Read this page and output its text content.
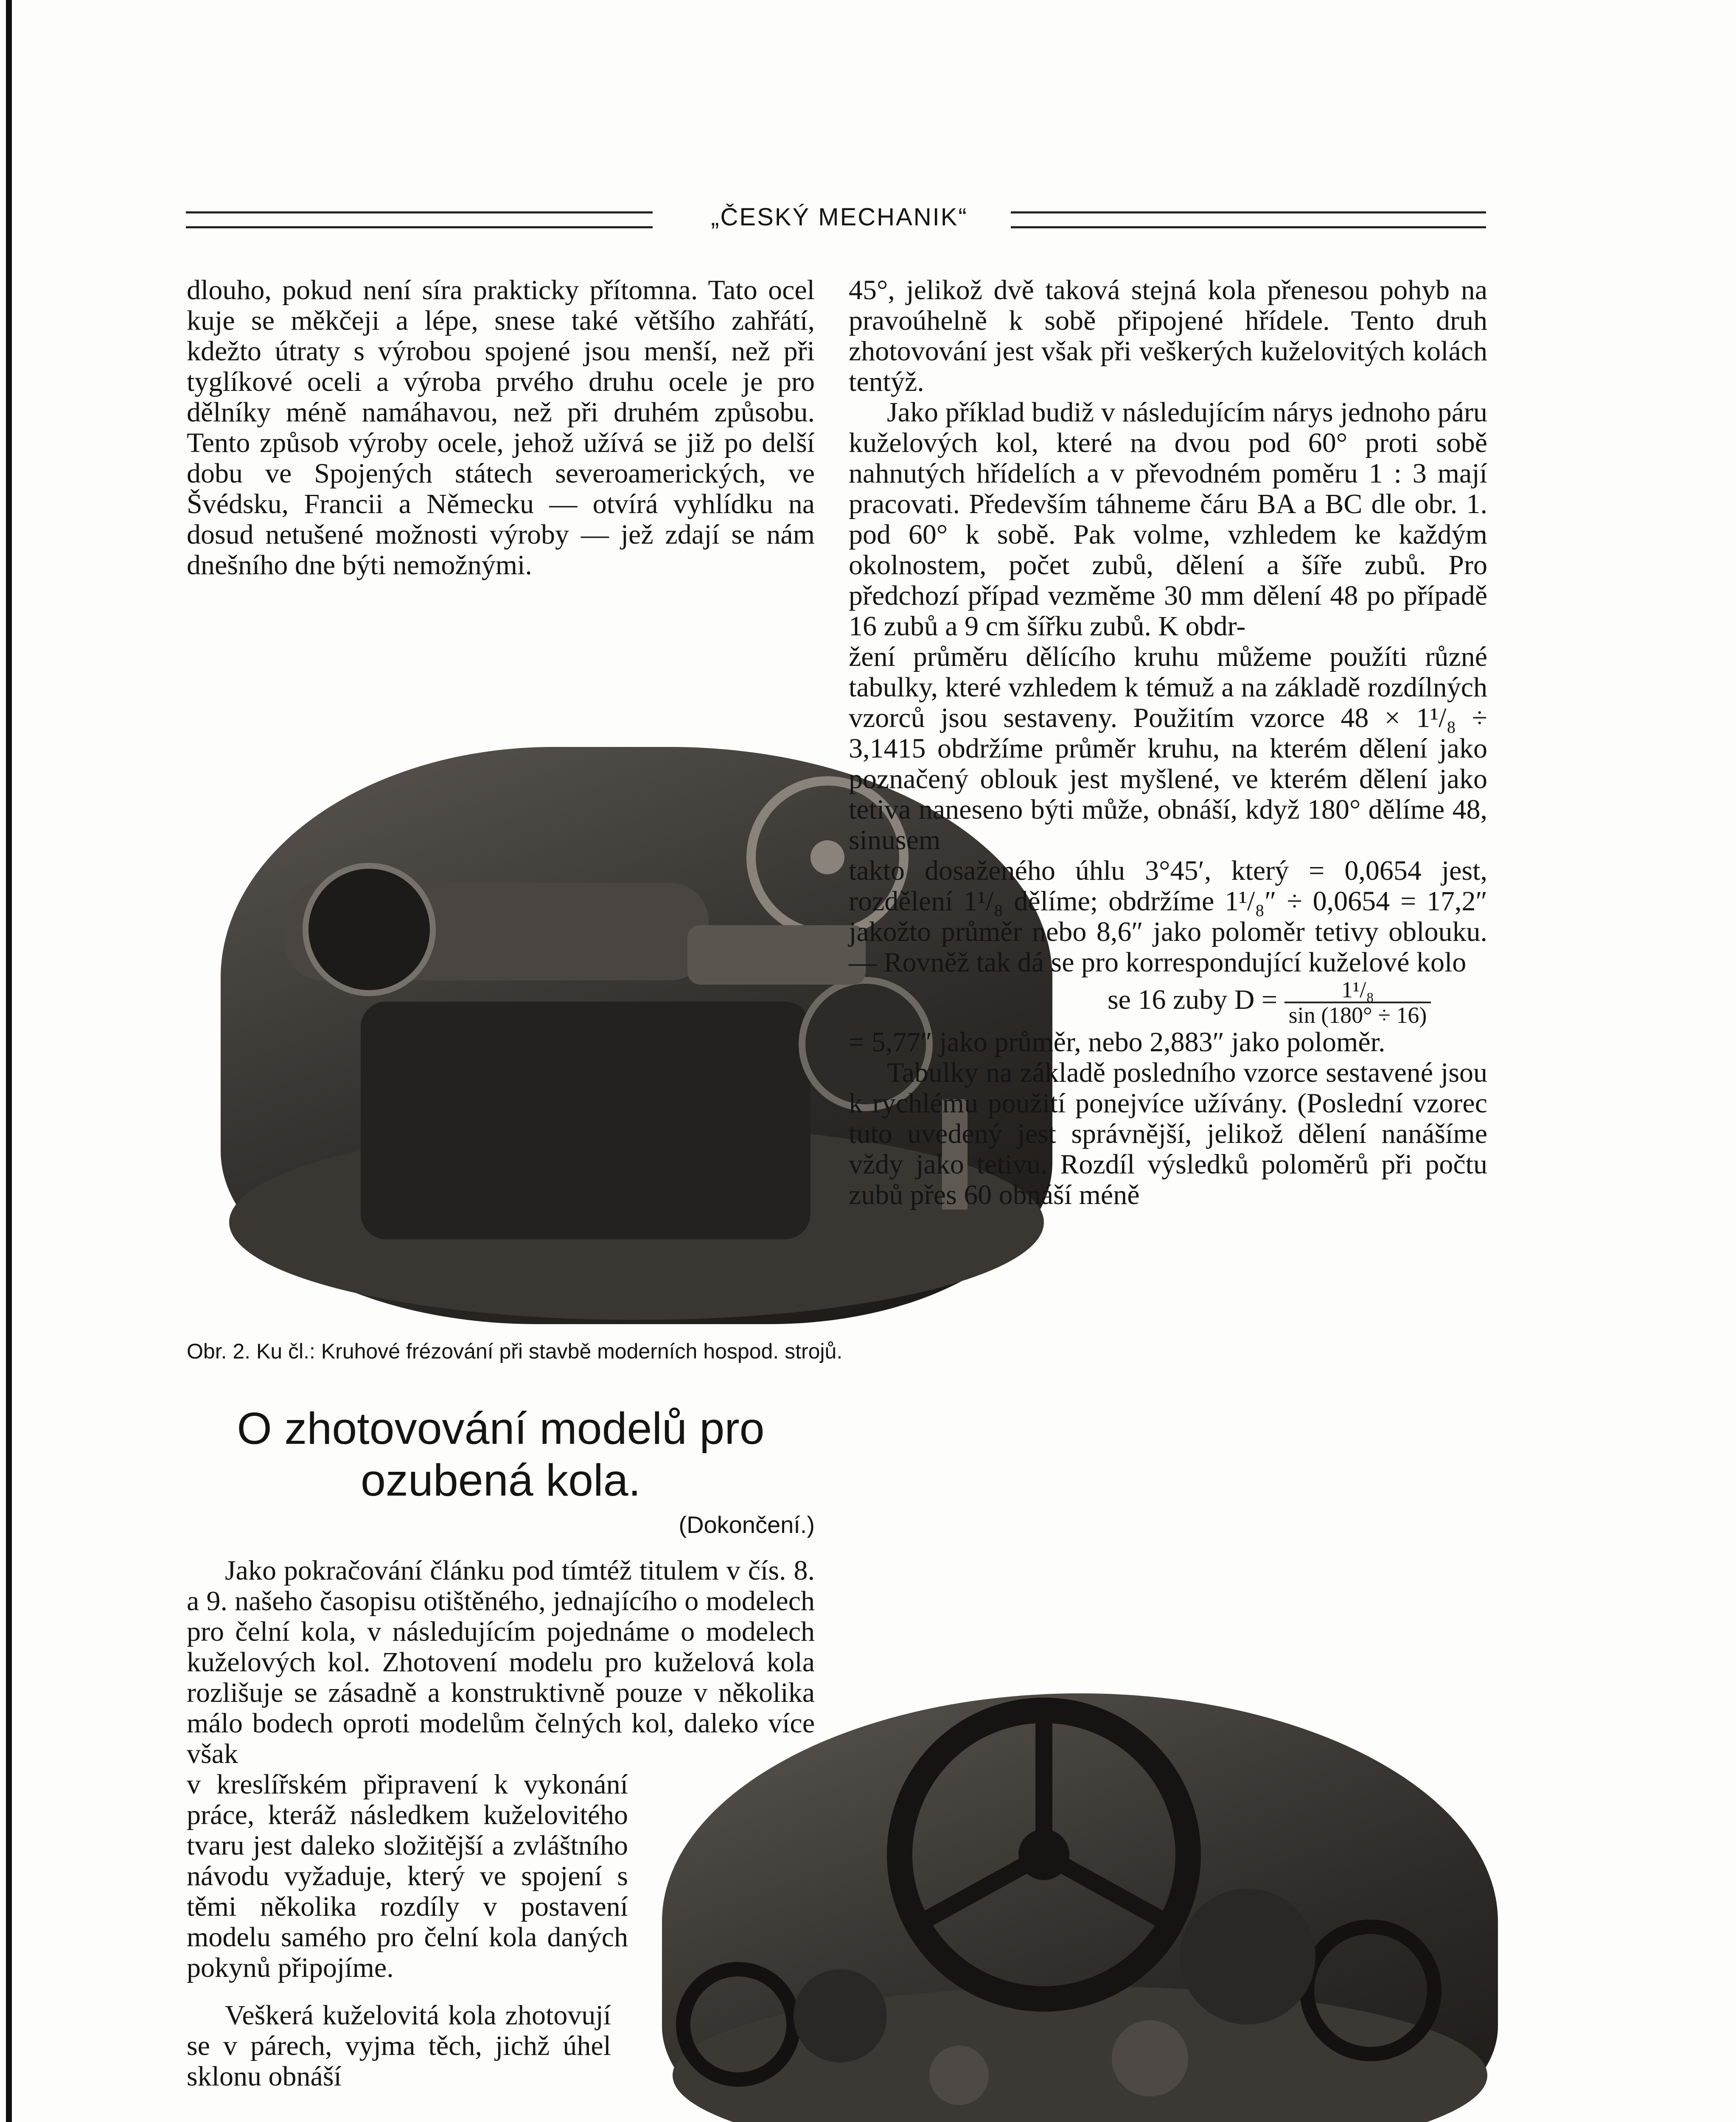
„ČESKÝ MECHANIK“

dlouho, pokud není síra prakticky přítomna. Tato ocel kuje se měkčeji a lépe, snese také většího zahřátí, kdežto útraty s výrobou spojené jsou menší, než při tyglíkové oceli a výroba prvého druhu ocele je pro dělníky méně namáhavou, než při druhém způsobu. Tento způsob výroby ocele, jehož užívá se již po delší dobu ve Spojených státech severoamerických, ve Švédsku, Francii a Německu — otvírá vyhlídku na dosud netušené možnosti výroby — jež zdají se nám dnešního dne býti nemožnými.

Obr. 2. Ku čl.: Kruhové frézování při stavbě moderních hospod. strojů.
O zhotovování modelů pro ozubená kola.
(Dokončení.)

Jako pokračování článku pod tímtéž titulem v čís. 8. a 9. našeho časopisu otištěného, jednajícího o modelech pro čelní kola, v následujícím pojednáme o modelech kuželových kol. Zhotovení modelu pro kuželová kola rozlišuje se zásadně a konstruktivně pouze v několika málo bodech oproti modelům čelných kol, daleko více však

v kreslířském připravení k vykonání práce, kteráž následkem kuželovitého tvaru jest daleko složitější a zvláštního návodu vyžaduje, který ve spojení s těmi několika rozdíly v postavení modelu samého pro čelní kola daných pokynů připojíme.

Veškerá kuželovitá kola zhotovují se v párech, vyjma těch, jichž úhel sklonu obnáší

45°, jelikož dvě taková stejná kola přenesou pohyb na pravoúhelně k sobě připojené hřídele. Tento druh zhotovování jest však při veškerých kuželovitých kolách tentýž.

Jako příklad budiž v následujícím nárys jednoho páru kuželových kol, které na dvou pod 60° proti sobě nahnutých hřídelích a v převodném poměru 1 : 3 mají pracovati. Především táhneme čáru BA a BC dle obr. 1. pod 60° k sobě. Pak volme, vzhledem ke každým okolnostem, počet zubů, dělení a šíře zubů. Pro předchozí případ vezměme 30 mm dělení 48 po případě 16 zubů a 9 cm šířku zubů. K obdr-

žení průměru dělícího kruhu můžeme použíti různé tabulky, které vzhledem k témuž a na základě rozdílných vzorců jsou sestaveny. Použitím vzorce 48 × 1¹/₈ ÷ 3,1415 obdržíme průměr kruhu, na kterém dělení jako poznačený oblouk jest myšlené, ve kterém dělení jako tetiva naneseno býti může, obnáší, když 180° dělíme 48, sinusem

takto dosaženého úhlu 3°45′, který = 0,0654 jest, rozdělení 1¹/₈ dělíme; obdržíme 1¹/₈″ ÷ 0,0654 = 17,2″ jakožto průměr nebo 8,6″ jako poloměr tetivy oblouku. — Rovněž tak dá se pro korrespondující kuželové kolo

se 16 zuby $D = \frac{\text{1¹/₈}}{\sin (180^\circ \div 16)}$

= 5,77″ jako průměr, nebo 2,883″ jako poloměr.

Tabulky na základě posledního vzorce sestavené jsou k rychlému použití ponejvíce užívány. (Poslední vzorec tuto uvedený jest správnější, jelikož dělení nanášíme vždy jako tetivu. Rozdíl výsledků poloměrů při počtu zubů přes 60 obnáší méně
